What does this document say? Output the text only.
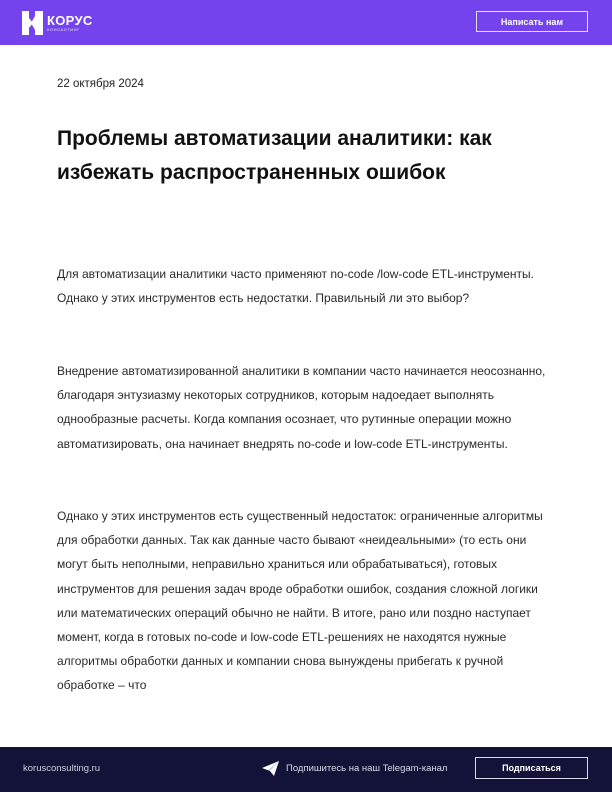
КОРУС
КОНСАЛТИНГ
Написать нам
22 октября 2024
Проблемы автоматизации аналитики: как избежать распространенных ошибок

Для автоматизации аналитики часто применяют no-code /low-code ETL-инструменты. Однако у этих инструментов есть недостатки. Правильный ли это выбор?

Внедрение автоматизированной аналитики в компании часто начинается неосознанно, благодаря энтузиазму некоторых сотрудников, которым надоедает выполнять однообразные расчеты. Когда компания осознает, что рутинные операции можно автоматизировать, она начинает внедрять no-code и low-code ETL-инструменты.

Однако у этих инструментов есть существенный недостаток: ограниченные алгоритмы для обработки данных. Так как данные часто бывают «неидеальными» (то есть они могут быть неполными, неправильно храниться или обрабатываться), готовых инструментов для решения задач вроде обработки ошибок, создания сложной логики или математических операций обычно не найти. В итоге, рано или поздно наступает момент, когда в готовых no-code и low-code ETL-решениях не находятся нужные алгоритмы обработки данных и компании снова вынуждены прибегать к ручной обработке – что

korusconsulting.ru	Подпишитесь на наш Telegam-канал	Подписаться
